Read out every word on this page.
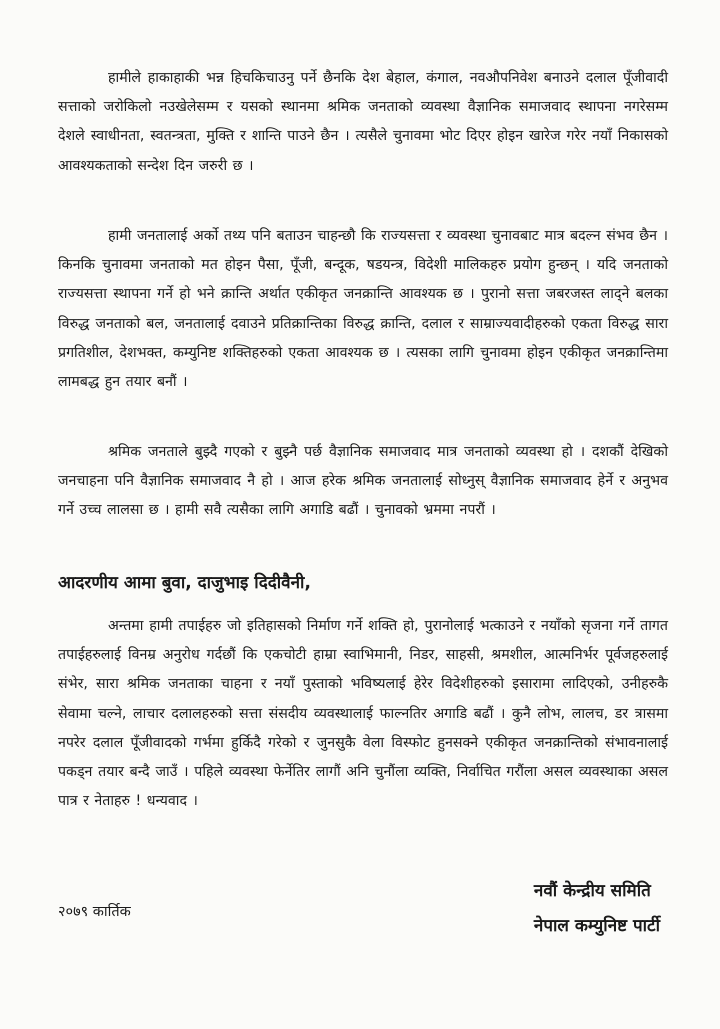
हामीले हाकाहाकी भन्न हिचकिचाउनु पर्ने छैनकि देश बेहाल, कंगाल, नवऔपनिवेश बनाउने दलाल पूँजीवादी सत्ताको जरोकिलो नउखेलेसम्म र यसको स्थानमा श्रमिक जनताको व्यवस्था वैज्ञानिक समाजवाद स्थापना नगरेसम्म देशले स्वाधीनता, स्वतन्त्रता, मुक्ति र शान्ति पाउने छैन । त्यसैले चुनावमा भोट दिएर होइन खारेज गरेर नयाँ निकासको आवश्यकताको सन्देश दिन जरुरी छ ।

हामी जनतालाई अर्को तथ्य पनि बताउन चाहन्छौ कि राज्यसत्ता र व्यवस्था चुनावबाट मात्र बदल्न संभव छैन । किनकि चुनावमा जनताको मत होइन पैसा, पूँजी, बन्दूक, षडयन्त्र, विदेशी मालिकहरु प्रयोग हुन्छन् । यदि जनताको राज्यसत्ता स्थापना गर्ने हो भने क्रान्ति अर्थात एकीकृत जनक्रान्ति आवश्यक छ । पुरानो सत्ता जबरजस्त लाद्ने बलका विरुद्ध जनताको बल, जनतालाई दवाउने प्रतिक्रान्तिका विरुद्ध क्रान्ति, दलाल र साम्राज्यवादीहरुको एकता विरुद्ध सारा प्रगतिशील, देशभक्त, कम्युनिष्ट शक्तिहरुको एकता आवश्यक छ । त्यसका लागि चुनावमा होइन एकीकृत जनक्रान्तिमा लामबद्ध हुन तयार बनौं ।

श्रमिक जनताले बुझ्दै गएको र बुझ्नै पर्छ वैज्ञानिक समाजवाद मात्र जनताको व्यवस्था हो । दशकौं देखिको जनचाहना पनि वैज्ञानिक समाजवाद नै हो । आज हरेक श्रमिक जनतालाई सोध्नुस् वैज्ञानिक समाजवाद हेर्ने र अनुभव गर्ने उच्च लालसा छ । हामी सवै त्यसैका लागि अगाडि बढौं । चुनावको भ्रममा नपरौं ।

आदरणीय आमा बुवा, दाजुभाइ दिदीवैनी,

अन्तमा हामी तपाईहरु जो इतिहासको निर्माण गर्ने शक्ति हो, पुरानोलाई भत्काउने र नयाँको सृजना गर्ने तागत तपाईहरुलाई विनम्र अनुरोध गर्दछौं कि एकचोटी हाम्रा स्वाभिमानी, निडर, साहसी, श्रमशील, आत्मनिर्भर पूर्वजहरुलाई संभेर, सारा श्रमिक जनताका चाहना र नयाँ पुस्ताको भविष्यलाई हेरेर विदेशीहरुको इसारामा लादिएको, उनीहरुकै सेवामा चल्ने, लाचार दलालहरुको सत्ता संसदीय व्यवस्थालाई फाल्नतिर अगाडि बढौं । कुनै लोभ, लालच, डर त्रासमा नपरेर दलाल पूँजीवादको गर्भमा हुर्किदै गरेको र जुनसुकै वेला विस्फोट हुनसक्ने एकीकृत जनक्रान्तिको संभावनालाई पकड्न तयार बन्दै जाउँ । पहिले व्यवस्था फेर्नेतिर लागौं अनि चुनौंला व्यक्ति, निर्वाचित गरौंला असल व्यवस्थाका असल पात्र र नेताहरु ! धन्यवाद ।

२०७९ कार्तिक
नवौं केन्द्रीय समिति
नेपाल कम्युनिष्ट पार्टी
